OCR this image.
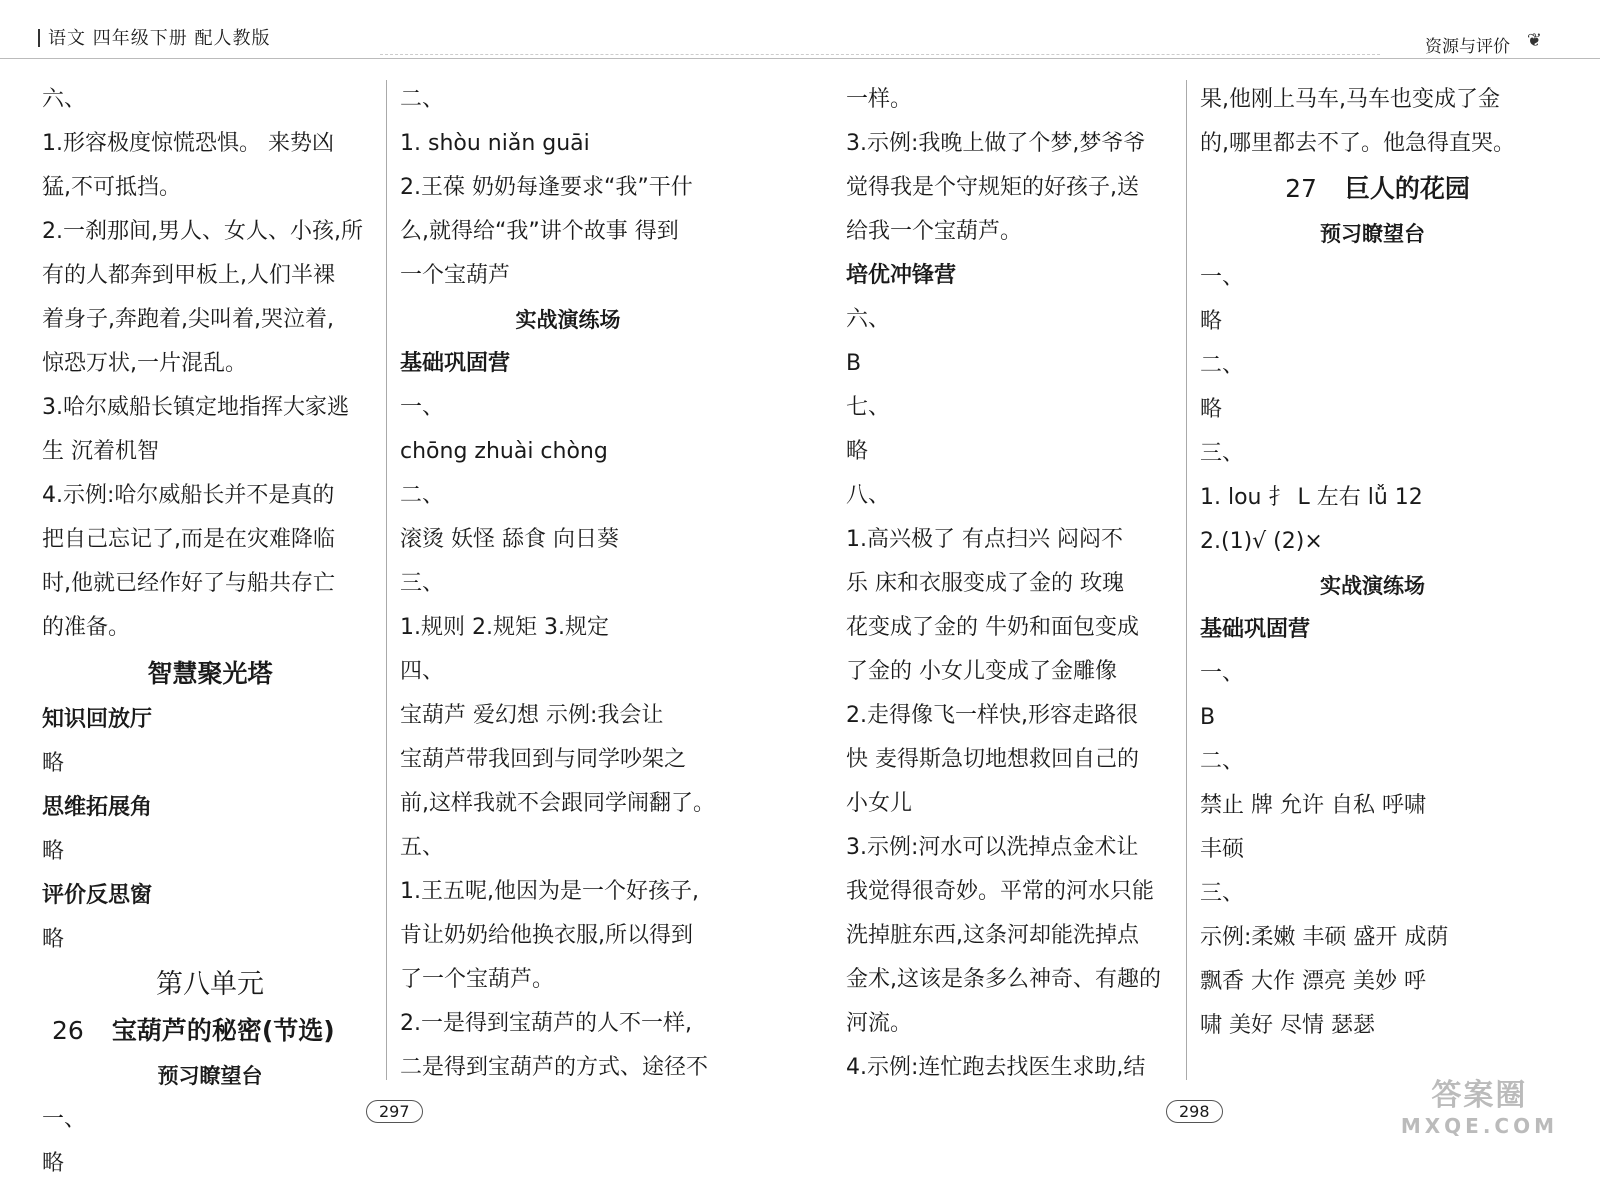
语文 四年级下册 配人教版	资源与评价 ❦
六、
1.形容极度惊慌恐惧。 来势凶
猛,不可抵挡。
2.一刹那间,男人、女人、小孩,所
有的人都奔到甲板上,人们半裸
着身子,奔跑着,尖叫着,哭泣着,
惊恐万状,一片混乱。
3.哈尔威船长镇定地指挥大家逃
生 沉着机智
4.示例:哈尔威船长并不是真的
把自己忘记了,而是在灾难降临
时,他就已经作好了与船共存亡
的准备。
智慧聚光塔
知识回放厅
略
思维拓展角
略
评价反思窗
略
第八单元
26 宝葫芦的秘密(节选)
预习瞭望台
一、
略
二、
1. shòu niǎn guāi
2.王葆 奶奶每逢要求“我”干什
么,就得给“我”讲个故事 得到
一个宝葫芦
实战演练场
基础巩固营
一、
chōng zhuài chòng
二、
滚烫 妖怪 舔食 向日葵
三、
1.规则 2.规矩 3.规定
四、
宝葫芦 爱幻想 示例:我会让
宝葫芦带我回到与同学吵架之
前,这样我就不会跟同学闹翻了。
五、
1.王五呢,他因为是一个好孩子,
肯让奶奶给他换衣服,所以得到
了一个宝葫芦。
2.一是得到宝葫芦的人不一样,
二是得到宝葫芦的方式、途径不
一样。
3.示例:我晚上做了个梦,梦爷爷
觉得我是个守规矩的好孩子,送
给我一个宝葫芦。
培优冲锋营
六、
B
七、
略
八、
1.高兴极了 有点扫兴 闷闷不
乐 床和衣服变成了金的 玫瑰
花变成了金的 牛奶和面包变成
了金的 小女儿变成了金雕像
2.走得像飞一样快,形容走路很
快 麦得斯急切地想救回自己的
小女儿
3.示例:河水可以洗掉点金术让
我觉得很奇妙。平常的河水只能
洗掉脏东西,这条河却能洗掉点
金术,这该是条多么神奇、有趣的
河流。
4.示例:连忙跑去找医生求助,结
果,他刚上马车,马车也变成了金
的,哪里都去不了。他急得直哭。
27 巨人的花园
预习瞭望台
一、
略
二、
略
三、
1. lou 扌 L 左右 lǚ 12
2.(1)√ (2)×
实战演练场
基础巩固营
一、
B
二、
禁止 牌 允许 自私 呼啸
丰硕
三、
示例:柔嫩 丰硕 盛开 成荫
飘香 大作 漂亮 美妙 呼
啸 美好 尽情 瑟瑟
297	298	答案圈
MXQE.COM
